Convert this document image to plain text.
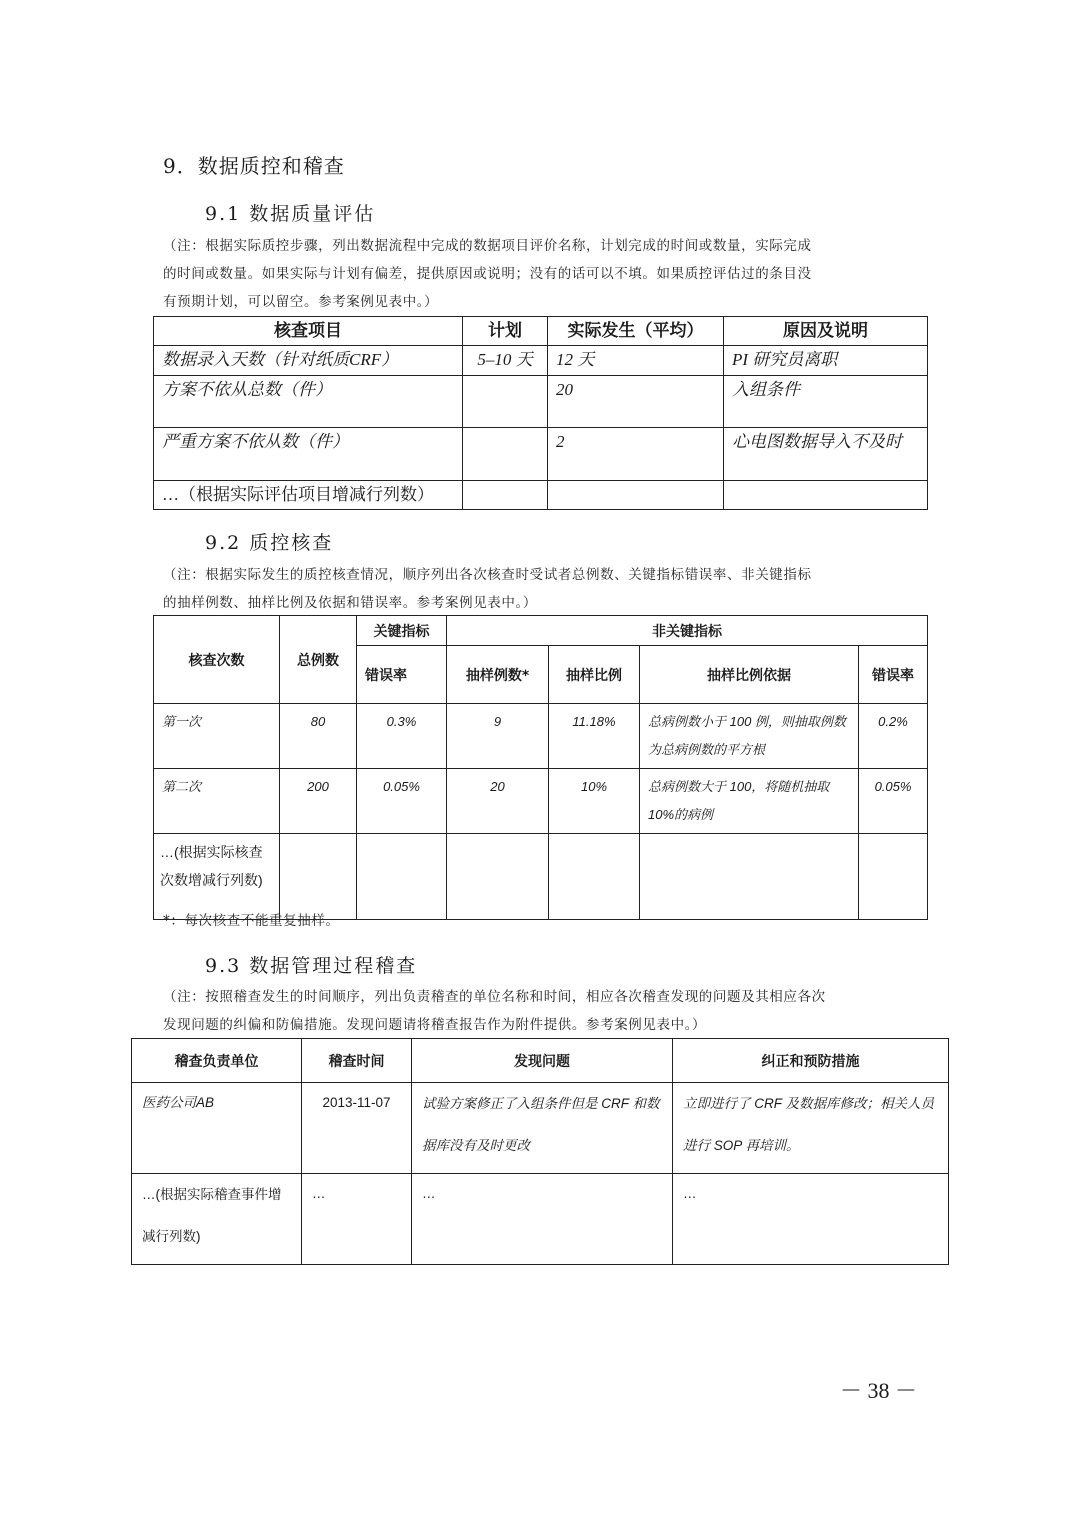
9．数据质控和稽查
9.1 数据质量评估
（注：根据实际质控步骤，列出数据流程中完成的数据项目评价名称，计划完成的时间或数量，实际完成
的时间或数量。如果实际与计划有偏差，提供原因或说明；没有的话可以不填。如果质控评估过的条目没
有预期计划，可以留空。参考案例见表中。）
核查项目	计划	实际发生（平均）	原因及说明
数据录入天数（针对纸质CRF）	5–10 天	12 天	PI 研究员离职
方案不依从总数（件）		20	入组条件
严重方案不依从数（件）		2	心电图数据导入不及时
…（根据实际评估项目增减行列数）			
9.2 质控核查
（注：根据实际发生的质控核查情况，顺序列出各次核查时受试者总例数、关键指标错误率、非关键指标
的抽样例数、抽样比例及依据和错误率。参考案例见表中。）
核查次数	总例数	关键指标	非关键指标			
		错误率	抽样例数*	抽样比例	抽样比例依据	错误率
第一次	80	0.3%	9	11.18%	总病例数小于 100 例，则抽取例数为总病例数的平方根	0.2%
第二次	200	0.05%	20	10%	总病例数大于 100，将随机抽取 10%的病例	0.05%
…(根据实际核查次数增减行列数)						
*：每次核查不能重复抽样。
9.3 数据管理过程稽查
（注：按照稽查发生的时间顺序，列出负责稽查的单位名称和时间，相应各次稽查发现的问题及其相应各次
发现问题的纠偏和防偏措施。发现问题请将稽查报告作为附件提供。参考案例见表中。）
稽查负责单位	稽查时间	发现问题	纠正和预防措施
医药公司AB	2013-11-07	试验方案修正了入组条件但是 CRF 和数据库没有及时更改	立即进行了 CRF 及数据库修改；相关人员进行 SOP 再培训。
…(根据实际稽查事件增减行列数)	…	…	…
－ 38 －
